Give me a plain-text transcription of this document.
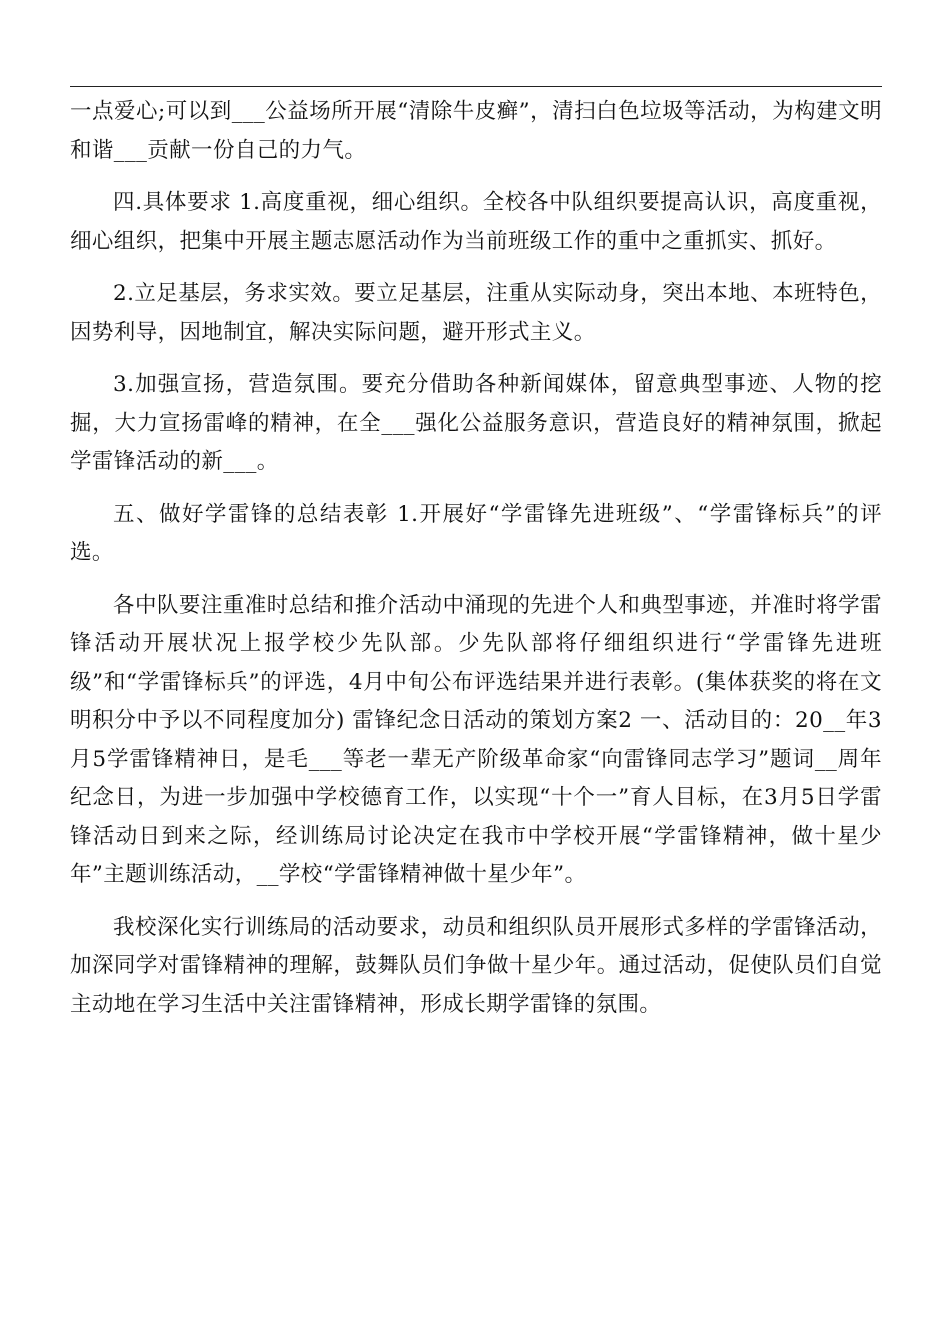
一点爱心;可以到___公益场所开展“清除牛皮癣”，清扫白色垃圾等活动，为构建文明和谐___贡献一份自己的力气。

四.具体要求 1.高度重视，细心组织。全校各中队组织要提高认识，高度重视，细心组织，把集中开展主题志愿活动作为当前班级工作的重中之重抓实、抓好。

2.立足基层，务求实效。要立足基层，注重从实际动身，突出本地、本班特色，因势利导，因地制宜，解决实际问题，避开形式主义。

3.加强宣扬，营造氛围。要充分借助各种新闻媒体，留意典型事迹、人物的挖掘，大力宣扬雷峰的精神，在全___强化公益服务意识，营造良好的精神氛围，掀起学雷锋活动的新___。

五、做好学雷锋的总结表彰 1.开展好“学雷锋先进班级”、“学雷锋标兵”的评选。

各中队要注重准时总结和推介活动中涌现的先进个人和典型事迹，并准时将学雷锋活动开展状况上报学校少先队部。少先队部将仔细组织进行“学雷锋先进班级”和“学雷锋标兵”的评选，4月中旬公布评选结果并进行表彰。(集体获奖的将在文明积分中予以不同程度加分) 雷锋纪念日活动的策划方案2 一、活动目的：20__年3月5学雷锋精神日，是毛___等老一辈无产阶级革命家“向雷锋同志学习”题词__周年纪念日，为进一步加强中学校德育工作，以实现“十个一”育人目标，在3月5日学雷锋活动日到来之际，经训练局讨论决定在我市中学校开展“学雷锋精神，做十星少年”主题训练活动，__学校“学雷锋精神做十星少年”。

我校深化实行训练局的活动要求，动员和组织队员开展形式多样的学雷锋活动，加深同学对雷锋精神的理解，鼓舞队员们争做十星少年。通过活动，促使队员们自觉主动地在学习生活中关注雷锋精神，形成长期学雷锋的氛围。
